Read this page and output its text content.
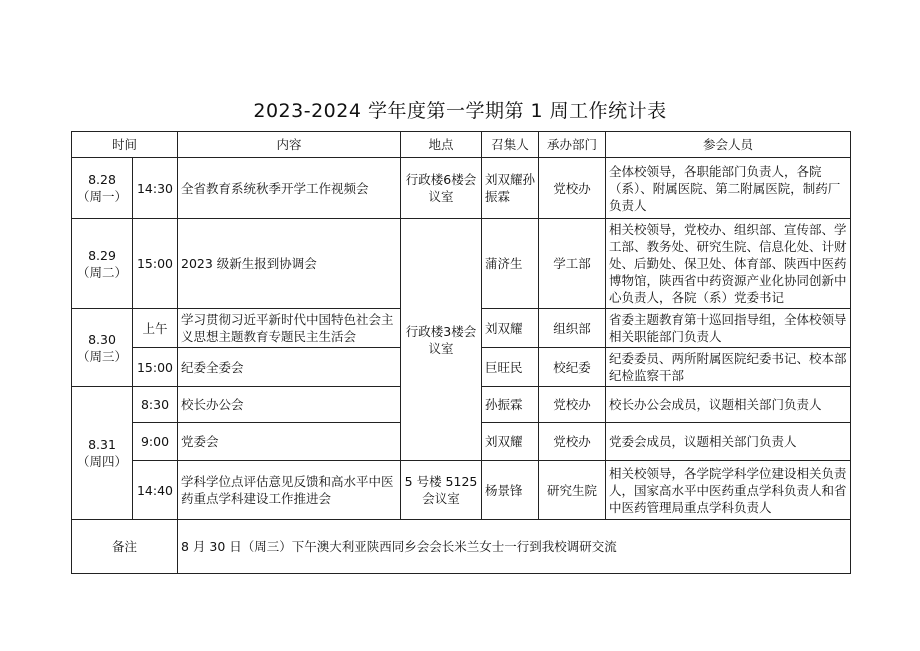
2023-2024 学年度第一学期第 1 周工作统计表
时间		内容	地点	召集人	承办部门	参会人员

8.28
（周一）	14:30	全省教育系统秋季开学工作视频会	行政楼6楼会议室	刘双耀孙振霖	党校办	全体校领导，各职能部门负责人，各院（系）、附属医院、第二附属医院，制药厂负责人

8.29
（周二）	15:00	2023 级新生报到协调会	行政楼3楼会议室	蒲济生	学工部	相关校领导，党校办、组织部、宣传部、学工部、教务处、研究生院、信息化处、计财处、后勤处、保卫处、体育部、陕西中医药博物馆，陕西省中药资源产业化协同创新中心负责人，各院（系）党委书记

8.30
（周三）	上午	学习贯彻习近平新时代中国特色社会主义思想主题教育专题民主生活会		刘双耀	组织部	省委主题教育第十巡回指导组，全体校领导相关职能部门负责人
	15:00	纪委全委会		巨旺民	校纪委	纪委委员、两所附属医院纪委书记、校本部纪检监察干部

8.31
（周四）	8:30	校长办公会		孙振霖	党校办	校长办公会成员，议题相关部门负责人
	9:00	党委会		刘双耀	党校办	党委会成员，议题相关部门负责人
	14:40	学科学位点评估意见反馈和高水平中医药重点学科建设工作推进会	5 号楼 5125 会议室	杨景锋	研究生院	相关校领导，各学院学科学位建设相关负责人，国家高水平中医药重点学科负责人和省中医药管理局重点学科负责人
备注		8 月 30 日（周三）下午澳大利亚陕西同乡会会长米兰女士一行到我校调研交流				
